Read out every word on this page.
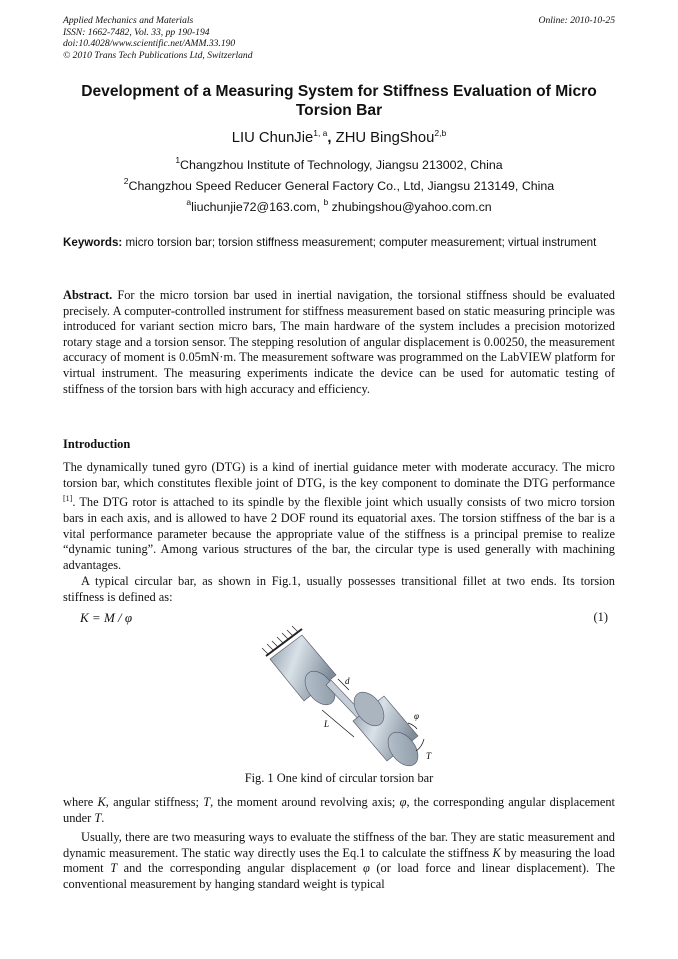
Applied Mechanics and Materials
ISSN: 1662-7482, Vol. 33, pp 190-194
doi:10.4028/www.scientific.net/AMM.33.190
© 2010 Trans Tech Publications Ltd, Switzerland
Online: 2010-10-25
Development of a Measuring System for Stiffness Evaluation of Micro Torsion Bar
LIU ChunJie$^{1, a}$, ZHU BingShou$^{2,b}$
$^1$Changzhou Institute of Technology, Jiangsu 213002, China
$^2$Changzhou Speed Reducer General Factory Co., Ltd, Jiangsu 213149, China
$^a$liuchunjie72@163.com, $^b$ zhubingshou@yahoo.com.cn
Keywords: micro torsion bar; torsion stiffness measurement; computer measurement; virtual instrument
Abstract. For the micro torsion bar used in inertial navigation, the torsional stiffness should be evaluated precisely. A computer-controlled instrument for stiffness measurement based on static measuring principle was introduced for variant section micro bars, The main hardware of the system includes a precision motorized rotary stage and a torsion sensor. The stepping resolution of angular displacement is 0.00250, the measurement accuracy of moment is 0.05mN·m. The measurement software was programmed on the LabVIEW platform for virtual instrument. The measuring experiments indicate the device can be used for automatic testing of stiffness of the torsion bars with high accuracy and efficiency.
Introduction
The dynamically tuned gyro (DTG) is a kind of inertial guidance meter with moderate accuracy. The micro torsion bar, which constitutes flexible joint of DTG, is the key component to dominate the DTG performance [1]. The DTG rotor is attached to its spindle by the flexible joint which usually consists of two micro torsion bars in each axis, and is allowed to have 2 DOF round its equatorial axes. The torsion stiffness of the bar is a vital performance parameter because the appropriate value of the stiffness is a principal premise to realize “dynamic tuning”. Among various structures of the bar, the circular type is used generally with machining advantages.
A typical circular bar, as shown in Fig.1, usually possesses transitional fillet at two ends. Its torsion stiffness is defined as:
K = M / φ	(1)
d
L
φ
T
Fig. 1 One kind of circular torsion bar
where K, angular stiffness; T, the moment around revolving axis; φ, the corresponding angular displacement under T.
Usually, there are two measuring ways to evaluate the stiffness of the bar. They are static measurement and dynamic measurement. The static way directly uses the Eq.1 to calculate the stiffness K by measuring the load moment T and the corresponding angular displacement φ (or load force and linear displacement). The conventional measurement by hanging standard weight is typical
